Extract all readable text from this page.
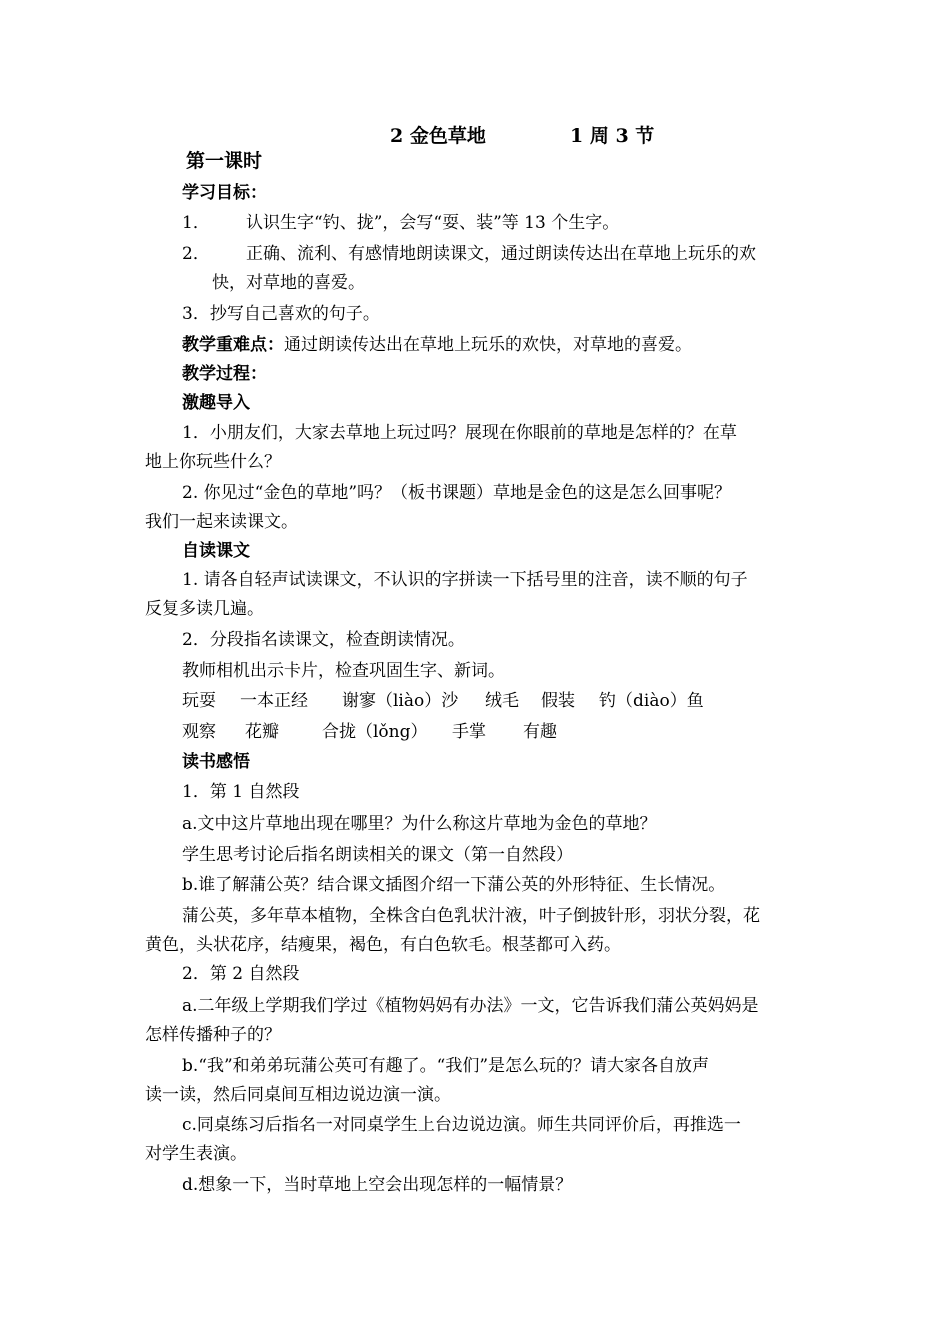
2 金色草地	1 周 3 节
第一课时
学习目标：
1． 认识生字“钓、拢”，会写“耍、装”等 13 个生字。
2． 正确、流利、有感情地朗读课文，通过朗读传达出在草地上玩乐的欢
快，对草地的喜爱。
3．抄写自己喜欢的句子。
教学重难点：通过朗读传达出在草地上玩乐的欢快，对草地的喜爱。
教学过程：
激趣导入
1．小朋友们，大家去草地上玩过吗？展现在你眼前的草地是怎样的？在草
地上你玩些什么？
2. 你见过“金色的草地”吗？（板书课题）草地是金色的这是怎么回事呢？
我们一起来读课文。
自读课文
1. 请各自轻声试读课文，不认识的字拼读一下括号里的注音，读不顺的句子
反复多读几遍。
2．分段指名读课文，检查朗读情况。
教师相机出示卡片，检查巩固生字、新词。
玩耍 一本正经 谢寥（liào）沙 绒毛 假装 钓（diào）鱼
观察 花瓣	合拢（lǒng） 手掌 有趣
读书感悟
1．第 1 自然段
a.文中这片草地出现在哪里？为什么称这片草地为金色的草地？
学生思考讨论后指名朗读相关的课文（第一自然段）
b.谁了解蒲公英？结合课文插图介绍一下蒲公英的外形特征、生长情况。
蒲公英，多年草本植物，全株含白色乳状汁液，叶子倒披针形，羽状分裂，花
黄色，头状花序，结瘦果，褐色，有白色软毛。根茎都可入药。
2．第 2 自然段
a.二年级上学期我们学过《植物妈妈有办法》一文，它告诉我们蒲公英妈妈是
怎样传播种子的？
b.“我”和弟弟玩蒲公英可有趣了。“我们”是怎么玩的？请大家各自放声
读一读，然后同桌间互相边说边演一演。
c.同桌练习后指名一对同桌学生上台边说边演。师生共同评价后，再推选一
对学生表演。
d.想象一下，当时草地上空会出现怎样的一幅情景？
